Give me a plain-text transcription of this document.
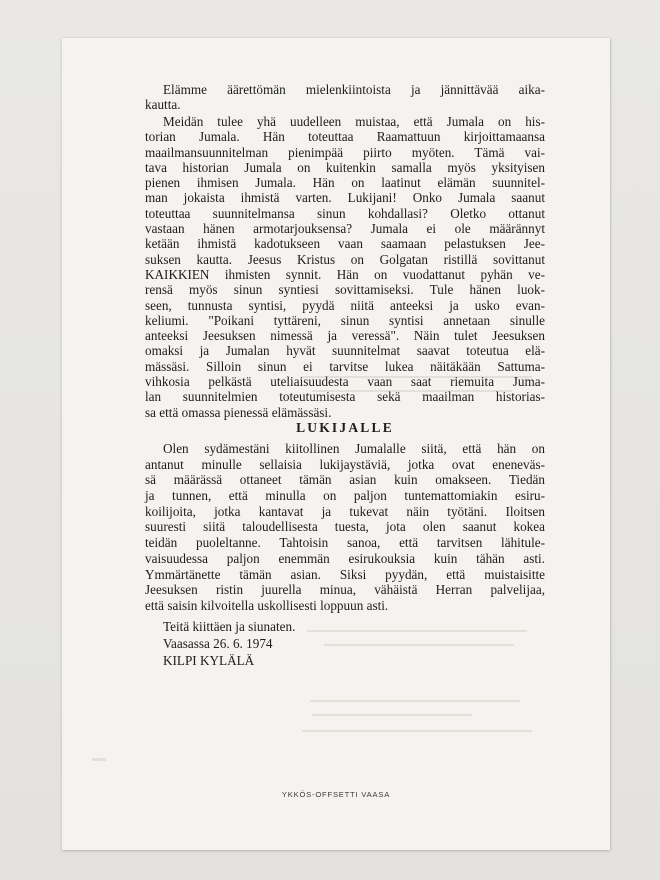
Elämme äärettömän mielenkiintoista ja jännittävää aika-
kautta.
Meidän tulee yhä uudelleen muistaa, että Jumala on his-
torian Jumala. Hän toteuttaa Raamattuun kirjoittamaansa
maailmansuunnitelman pienimpää piirto myöten. Tämä vai-
tava historian Jumala on kuitenkin samalla myös yksityisen
pienen ihmisen Jumala. Hän on laatinut elämän suunnitel-
man jokaista ihmistä varten. Lukijani! Onko Jumala saanut
toteuttaa suunnitelmansa sinun kohdallasi? Oletko ottanut
vastaan hänen armotarjouksensa? Jumala ei ole määrännyt
ketään ihmistä kadotukseen vaan saamaan pelastuksen Jee-
suksen kautta. Jeesus Kristus on Golgatan ristillä sovittanut
KAIKKIEN ihmisten synnit. Hän on vuodattanut pyhän ve-
rensä myös sinun syntiesi sovittamiseksi. Tule hänen luok-
seen, tunnusta syntisi, pyydä niitä anteeksi ja usko evan-
keliumi. "Poikani tyttäreni, sinun syntisi annetaan sinulle
anteeksi Jeesuksen nimessä ja veressä". Näin tulet Jeesuksen
omaksi ja Jumalan hyvät suunnitelmat saavat toteutua elä-
mässäsi. Silloin sinun ei tarvitse lukea näitäkään Sattuma-
vihkosia pelkästä uteliaisuudesta vaan saat riemuita Juma-
lan suunnitelmien toteutumisesta sekä maailman historias-
sa että omassa pienessä elämässäsi.
LUKIJALLE
Olen sydämestäni kiitollinen Jumalalle siitä, että hän on
antanut minulle sellaisia lukijaystäviä, jotka ovat eneneväs-
sä määrässä ottaneet tämän asian kuin omakseen. Tiedän
ja tunnen, että minulla on paljon tuntemattomiakin esiru-
koilijoita, jotka kantavat ja tukevat näin työtäni. Iloitsen
suuresti siitä taloudellisesta tuesta, jota olen saanut kokea
teidän puoleltanne. Tahtoisin sanoa, että tarvitsen lähitule-
vaisuudessa paljon enemmän esirukouksia kuin tähän asti.
Ymmärtänette tämän asian. Siksi pyydän, että muistaisitte
Jeesuksen ristin juurella minua, vähäistä Herran palvelijaa,
että saisin kilvoitella uskollisesti loppuun asti.
Teitä kiittäen ja siunaten.
Vaasassa 26. 6. 1974
KILPI KYLÄLÄ
YKKÖS-OFFSETTI VAASA
